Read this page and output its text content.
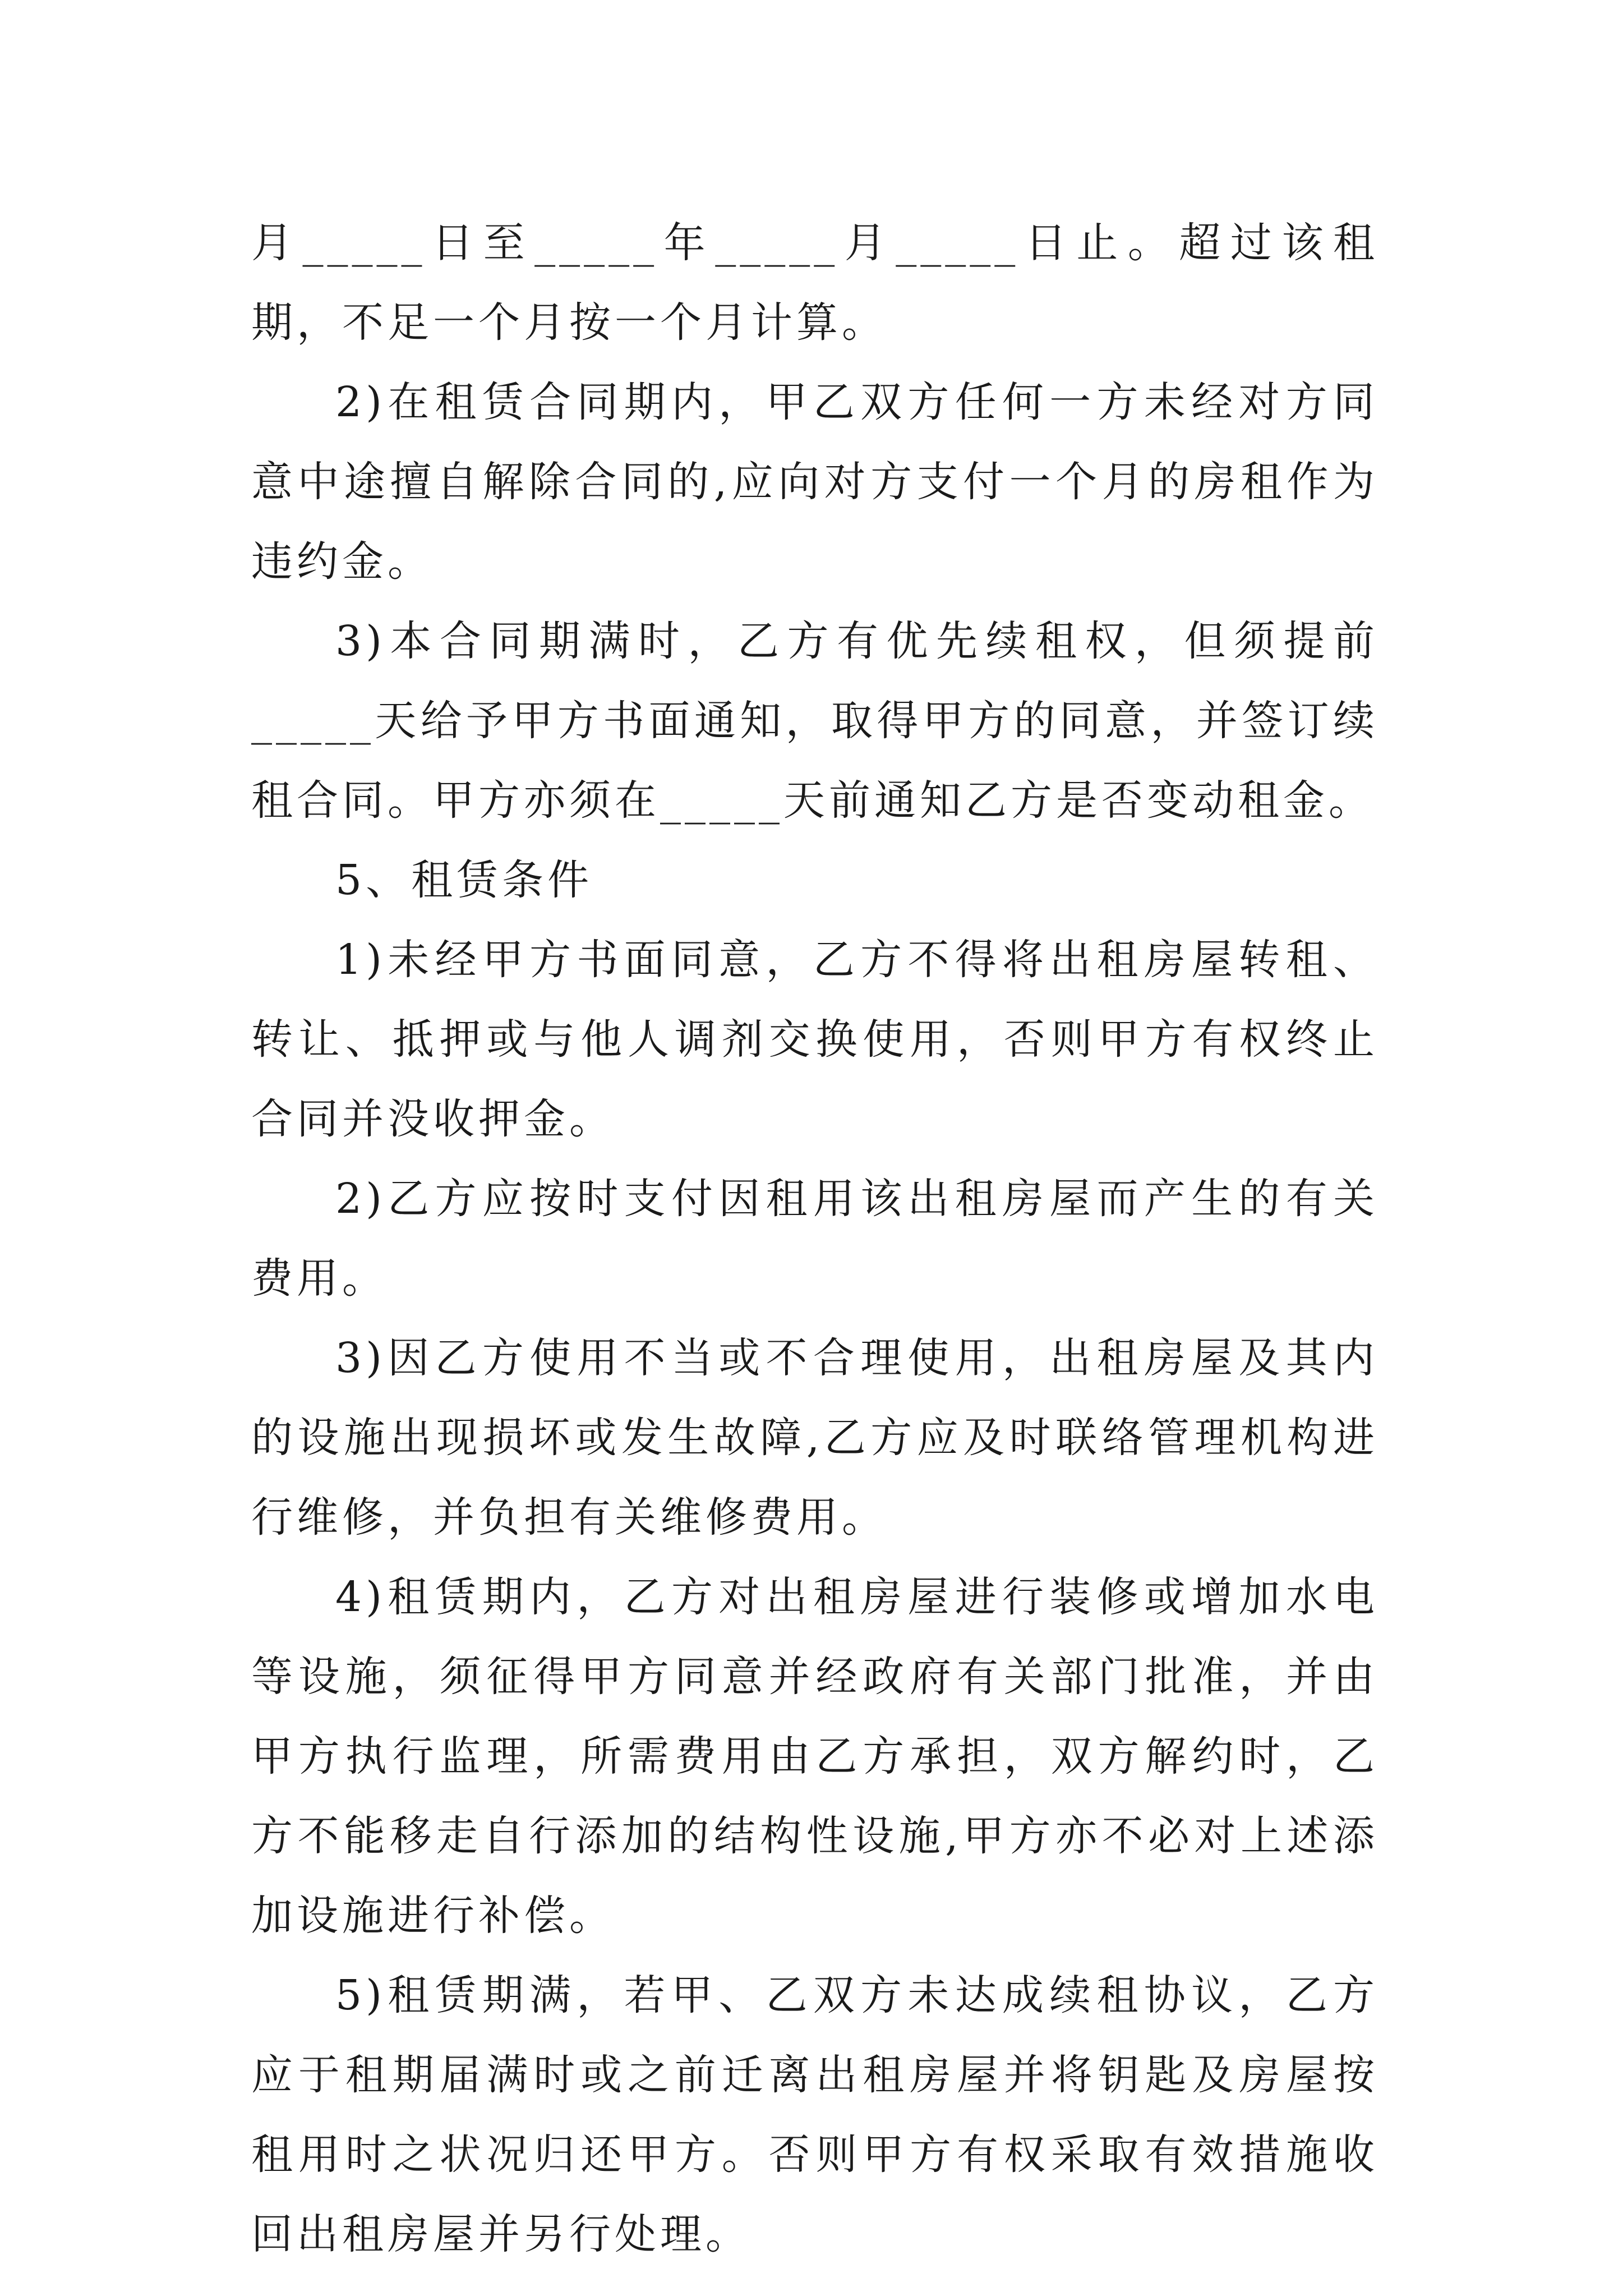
月_____日至_____年_____月_____日止。超过该租期，不足一个月按一个月计算。

2)在租赁合同期内，甲乙双方任何一方未经对方同意中途擅自解除合同的,应向对方支付一个月的房租作为违约金。

3)本合同期满时，乙方有优先续租权，但须提前_____天给予甲方书面通知，取得甲方的同意，并签订续租合同。甲方亦须在_____天前通知乙方是否变动租金。

5、租赁条件

1)未经甲方书面同意，乙方不得将出租房屋转租、转让、抵押或与他人调剂交换使用，否则甲方有权终止合同并没收押金。

2)乙方应按时支付因租用该出租房屋而产生的有关费用。

3)因乙方使用不当或不合理使用，出租房屋及其内的设施出现损坏或发生故障,乙方应及时联络管理机构进行维修，并负担有关维修费用。

4)租赁期内，乙方对出租房屋进行装修或增加水电等设施，须征得甲方同意并经政府有关部门批准，并由甲方执行监理，所需费用由乙方承担，双方解约时，乙方不能移走自行添加的结构性设施,甲方亦不必对上述添加设施进行补偿。

5)租赁期满，若甲、乙双方未达成续租协议，乙方应于租期届满时或之前迁离出租房屋并将钥匙及房屋按租用时之状况归还甲方。否则甲方有权采取有效措施收回出租房屋并另行处理。
